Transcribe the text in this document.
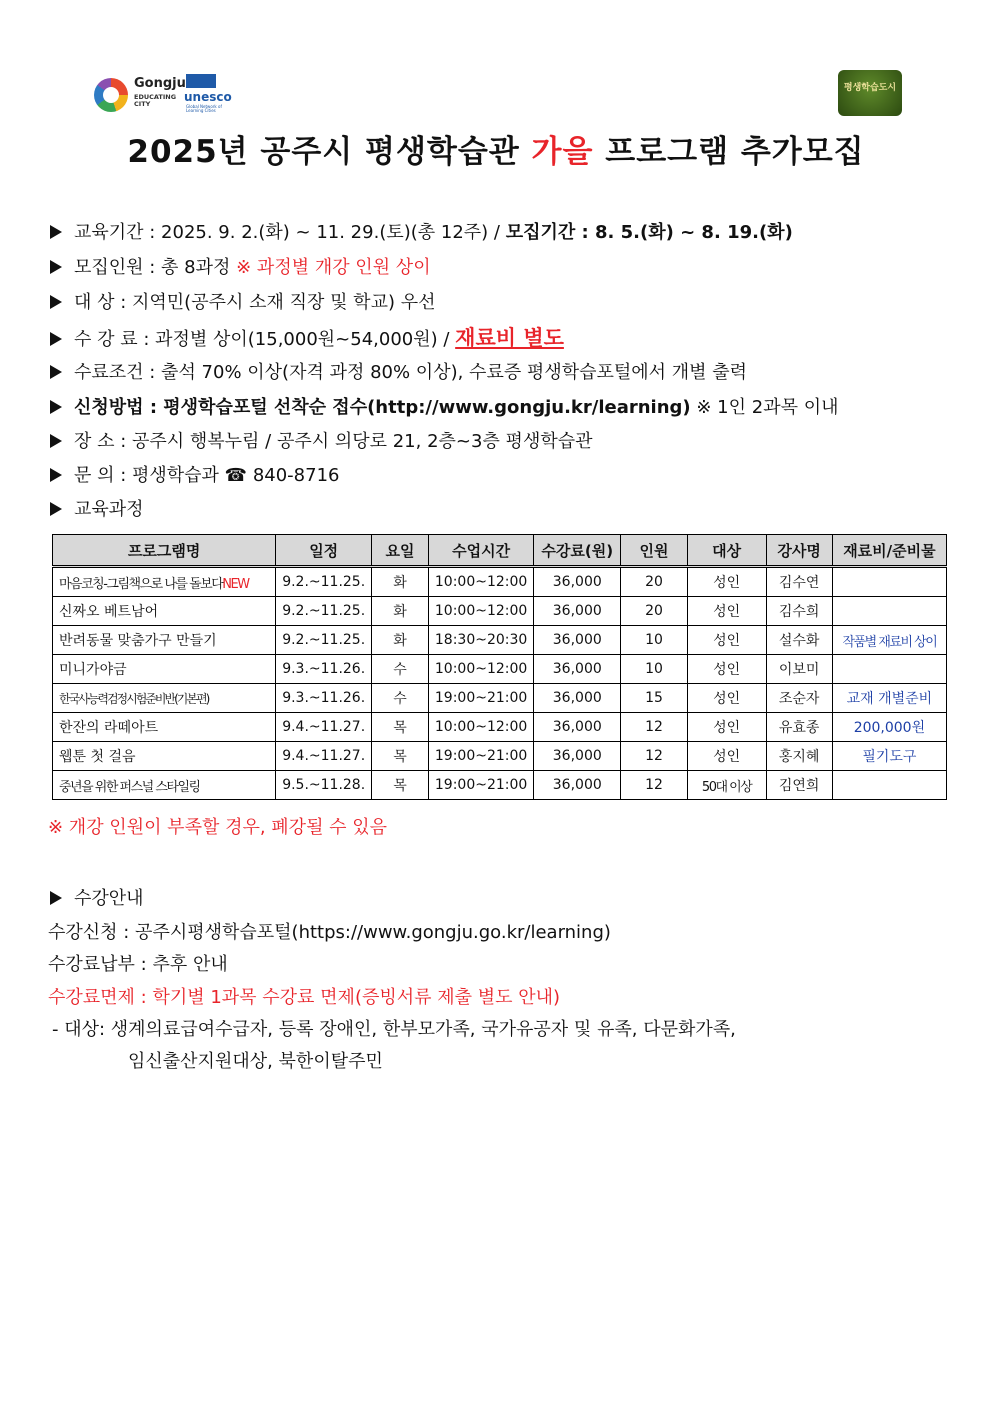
Gongju
EDUCATING CITY	unesco
Global Network of Learning Cities
평생학습도시
2025년 공주시 평생학습관 가을 프로그램 추가모집
교육기간 : 2025. 9. 2.(화) ~ 11. 29.(토)(총 12주) / 모집기간 : 8. 5.(화) ~ 8. 19.(화)
모집인원 : 총 8과정 ※ 과정별 개강 인원 상이
대 상 : 지역민(공주시 소재 직장 및 학교) 우선
수 강 료 : 과정별 상이(15,000원~54,000원) / 재료비 별도
수료조건 : 출석 70% 이상(자격 과정 80% 이상), 수료증 평생학습포털에서 개별 출력
신청방법 : 평생학습포털 선착순 접수(http://www.gongju.kr/learning) ※ 1인 2과목 이내
장 소 : 공주시 행복누림 / 공주시 의당로 21, 2층~3층 평생학습관
문 의 : 평생학습과 ☎ 840-8716
교육과정
프로그램명	일정	요일	수업시간	수강료(원)	인원	대상	강사명	재료비/준비물
마음코칭-그림책으로 나를 돌보다NEW	9.2.~11.25.	화	10:00~12:00	36,000	20	성인	김수연	
신짜오 베트남어	9.2.~11.25.	화	10:00~12:00	36,000	20	성인	김수희	
반려동물 맞춤가구 만들기	9.2.~11.25.	화	18:30~20:30	36,000	10	성인	설수화	작품별 재료비 상이
미니가야금	9.3.~11.26.	수	10:00~12:00	36,000	10	성인	이보미	
한국사능력검정시험준비반(기본편)	9.3.~11.26.	수	19:00~21:00	36,000	15	성인	조순자	교재 개별준비
한잔의 라떼아트	9.4.~11.27.	목	10:00~12:00	36,000	12	성인	유효종	200,000원
웹툰 첫 걸음	9.4.~11.27.	목	19:00~21:00	36,000	12	성인	홍지혜	필기도구
중년을 위한 퍼스널 스타일링	9.5.~11.28.	목	19:00~21:00	36,000	12	50대 이상	김연희	
※ 개강 인원이 부족할 경우, 폐강될 수 있음
수강안내
수강신청 : 공주시평생학습포털(https://www.gongju.go.kr/learning)
수강료납부 : 추후 안내
수강료면제 : 학기별 1과목 수강료 면제(증빙서류 제출 별도 안내)
- 대상: 생계의료급여수급자, 등록 장애인, 한부모가족, 국가유공자 및 유족, 다문화가족,
임신출산지원대상, 북한이탈주민
